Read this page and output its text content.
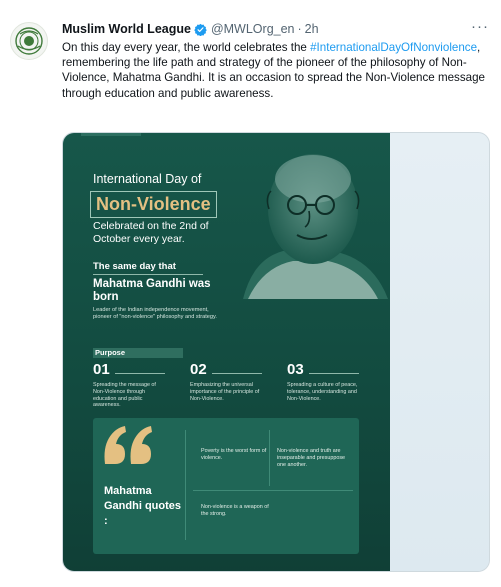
Muslim World League @MWLOrg_en · 2h	···
On this day every year, the world celebrates the #InternationalDayOfNonviolence, remembering the life path and strategy of the pioneer of the philosophy of Non-Violence, Mahatma Gandhi. It is an occasion to spread the Non-Violence message through education and public awareness.
International Day of
Non-Violence
Celebrated on the 2nd of October every year.
The same day that
Mahatma Gandhi was born
Leader of the Indian independence movement, pioneer of "non-violence" philosophy and strategy.
Purpose
01
Spreading the message of Non-Violence through education and public awareness.
02
Emphasizing the universal importance of the principle of Non-Violence.
03
Spreading a culture of peace, tolerance, understanding and Non-Violence.
Mahatma Gandhi quotes :
Poverty is the worst form of violence.
Non-violence and truth are inseparable and presuppose one another.
Non-violence is a weapon of the strong.
